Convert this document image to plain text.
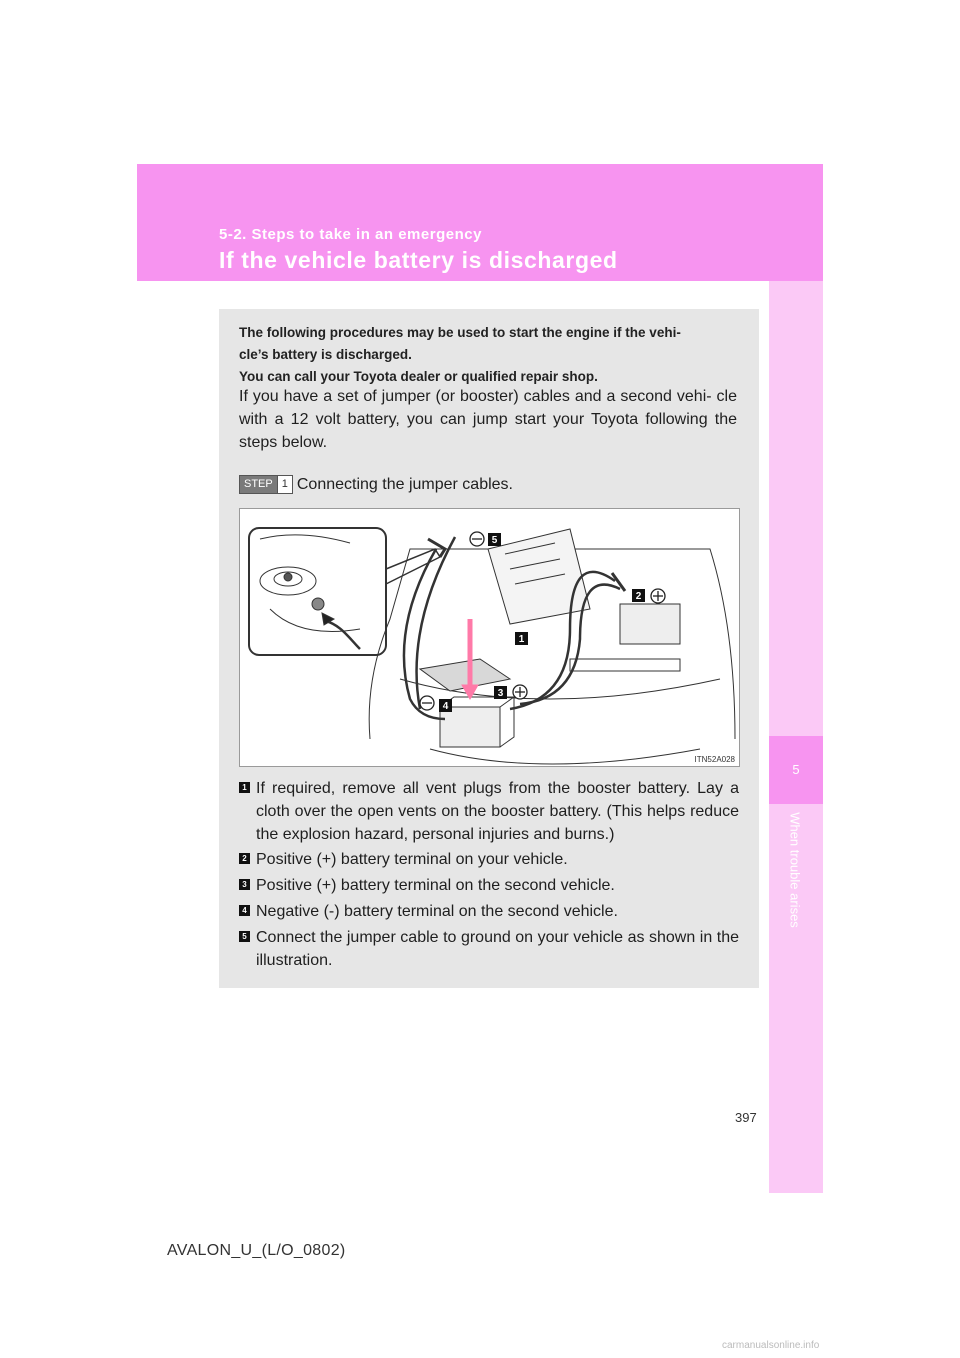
5
When trouble arises
5-2. Steps to take in an emergency
If the vehicle battery is discharged
The following procedures may be used to start the engine if the vehi-
cle’s battery is discharged.
You can call your Toyota dealer or qualified repair shop.
If you have a set of jumper (or booster) cables and a second vehi- cle with a 12 volt battery, you can jump start your Toyota following the steps below.
STEP 1 Connecting the jumper cables.
1
2
3
4
5
ITN52A028
1 If required, remove all vent plugs from the booster battery. Lay a cloth over the open vents on the booster battery. (This helps reduce the explosion hazard, personal injuries and burns.)
2 Positive (+) battery terminal on your vehicle.
3 Positive (+) battery terminal on the second vehicle.
4 Negative (-) battery terminal on the second vehicle.
5 Connect the jumper cable to ground on your vehicle as shown in the illustration.
397
AVALON_U_(L/O_0802)
carmanualsonline.info
